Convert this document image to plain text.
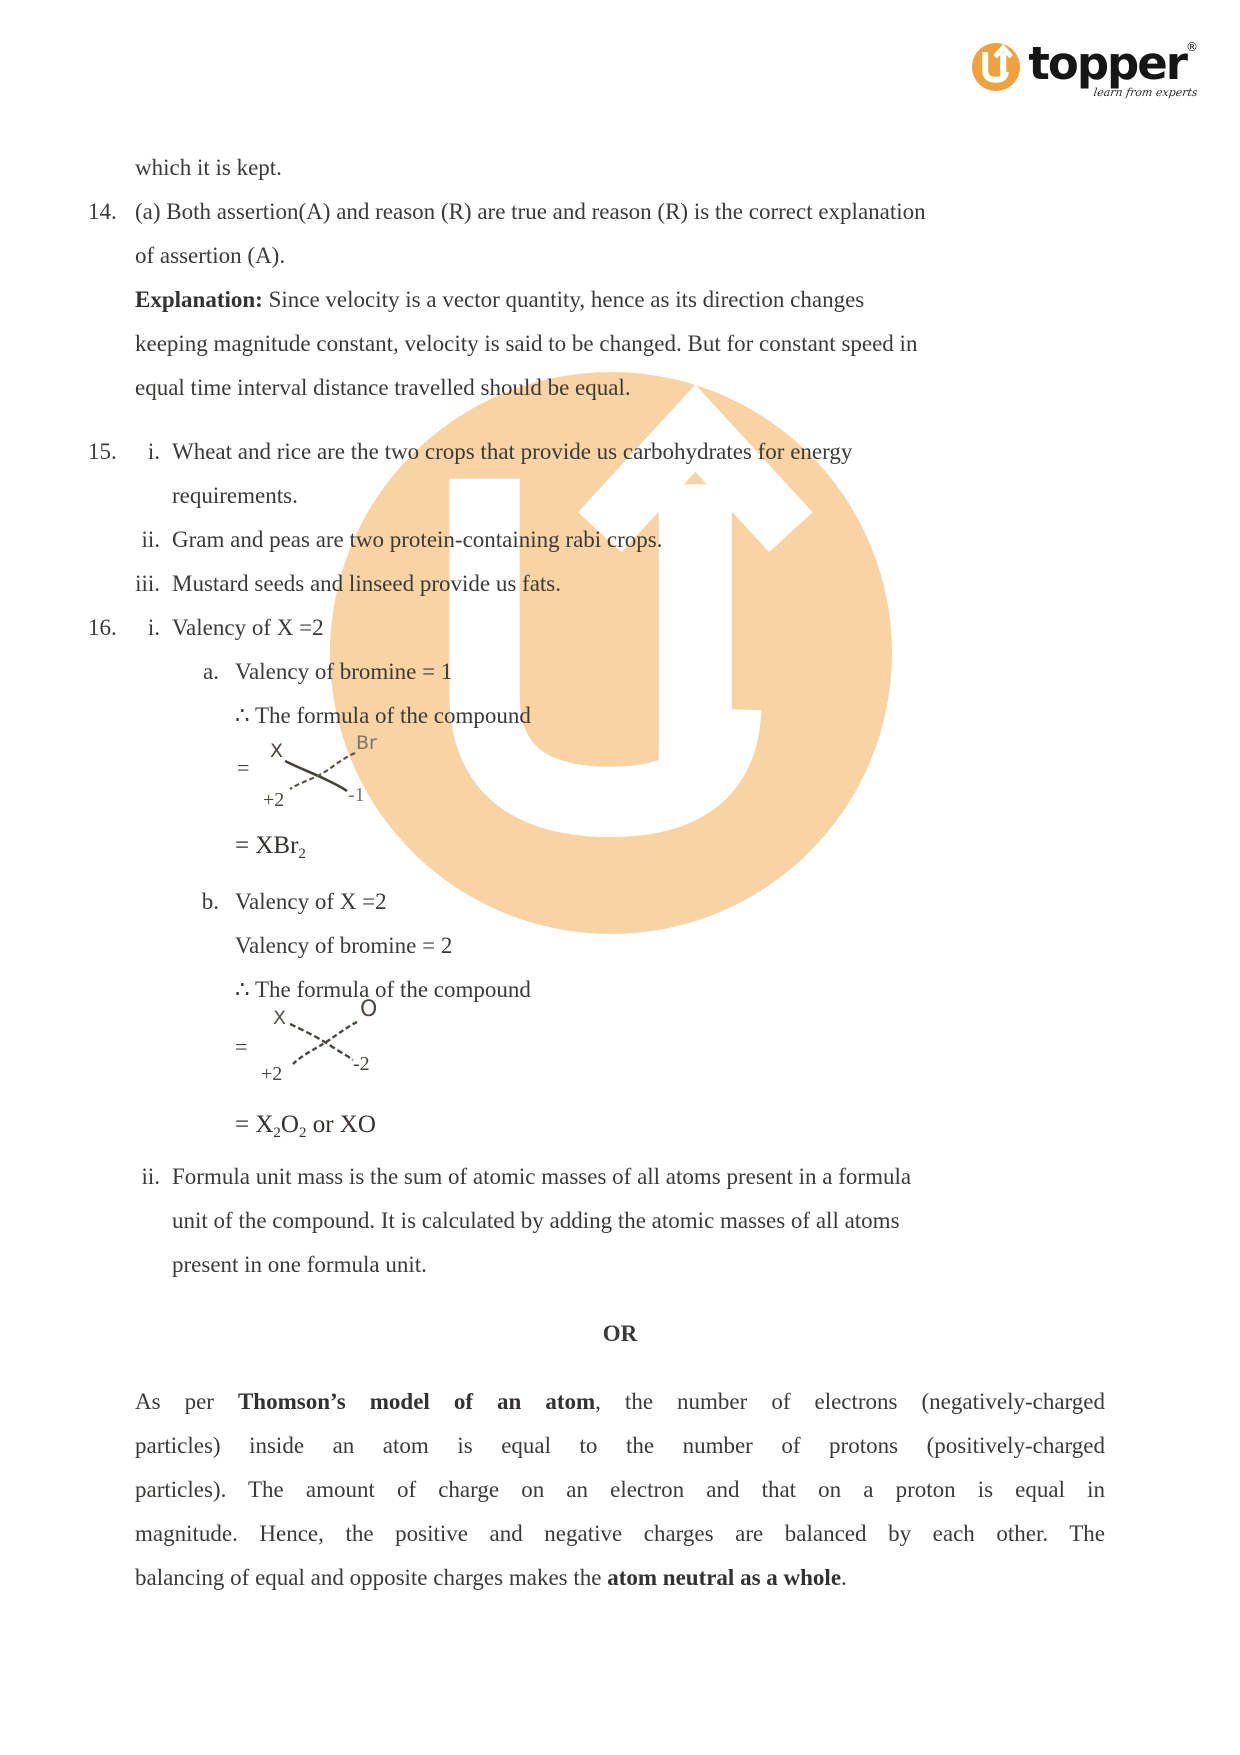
topper®
learn from experts
which it is kept.
14. (a) Both assertion(A) and reason (R) are true and reason (R) is the correct explanation
of assertion (A).
Explanation: Since velocity is a vector quantity, hence as its direction changes
keeping magnitude constant, velocity is said to be changed. But for constant speed in
equal time interval distance travelled should be equal.
15.	i. Wheat and rice are the two crops that provide us carbohydrates for energy
requirements.
ii. Gram and peas are two protein-containing rabi crops.
iii. Mustard seeds and linseed provide us fats.
16.	i. Valency of X =2
a. Valency of bromine = 1
∴ The formula of the compound
=
X	Br
+2	-1
= XBr$_2$
b. Valency of X =2
Valency of bromine = 2
∴ The formula of the compound
=
X	O
+2	-2
= $X_2O_2$ or XO
ii. Formula unit mass is the sum of atomic masses of all atoms present in a formula
unit of the compound. It is calculated by adding the atomic masses of all atoms
present in one formula unit.
OR
As per Thomson’s model of an atom, the number of electrons (negatively-charged
particles) inside an atom is equal to the number of protons (positively-charged
particles). The amount of charge on an electron and that on a proton is equal in
magnitude. Hence, the positive and negative charges are balanced by each other. The
balancing of equal and opposite charges makes the atom neutral as a whole.
